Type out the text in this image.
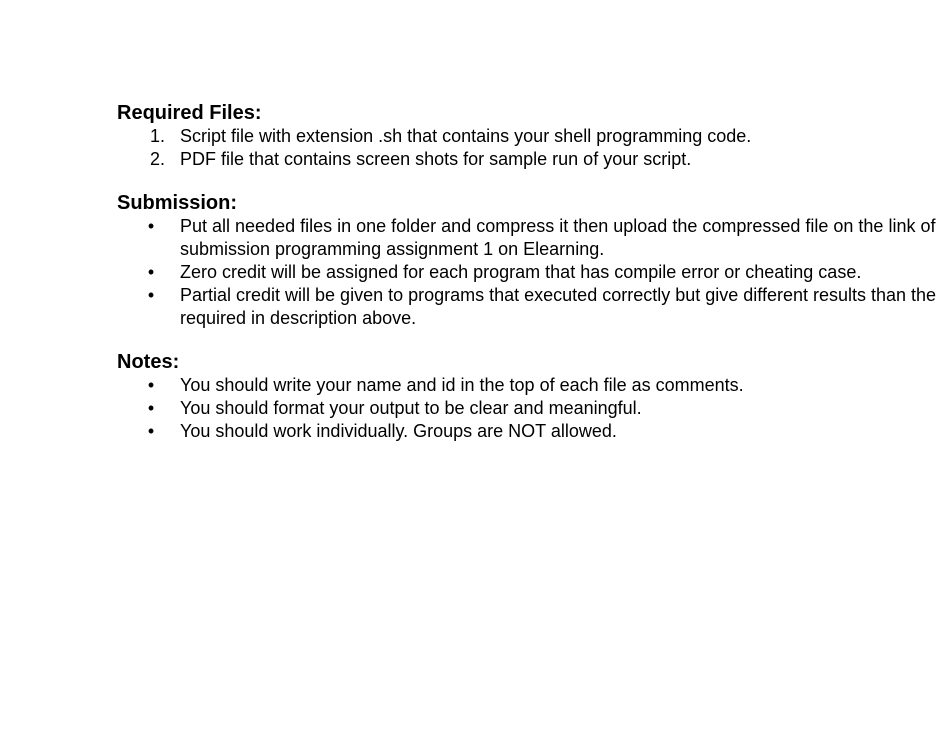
Required Files:
1. Script file with extension .sh that contains your shell programming code.
2. PDF file that contains screen shots for sample run of your script.
Submission:
• Put all needed files in one folder and compress it then upload the compressed file on the link of submission programming assignment 1 on Elearning.
• Zero credit will be assigned for each program that has compile error or cheating case.
• Partial credit will be given to programs that executed correctly but give different results than the required in description above.
Notes:
• You should write your name and id in the top of each file as comments.
• You should format your output to be clear and meaningful.
• You should work individually. Groups are NOT allowed.
